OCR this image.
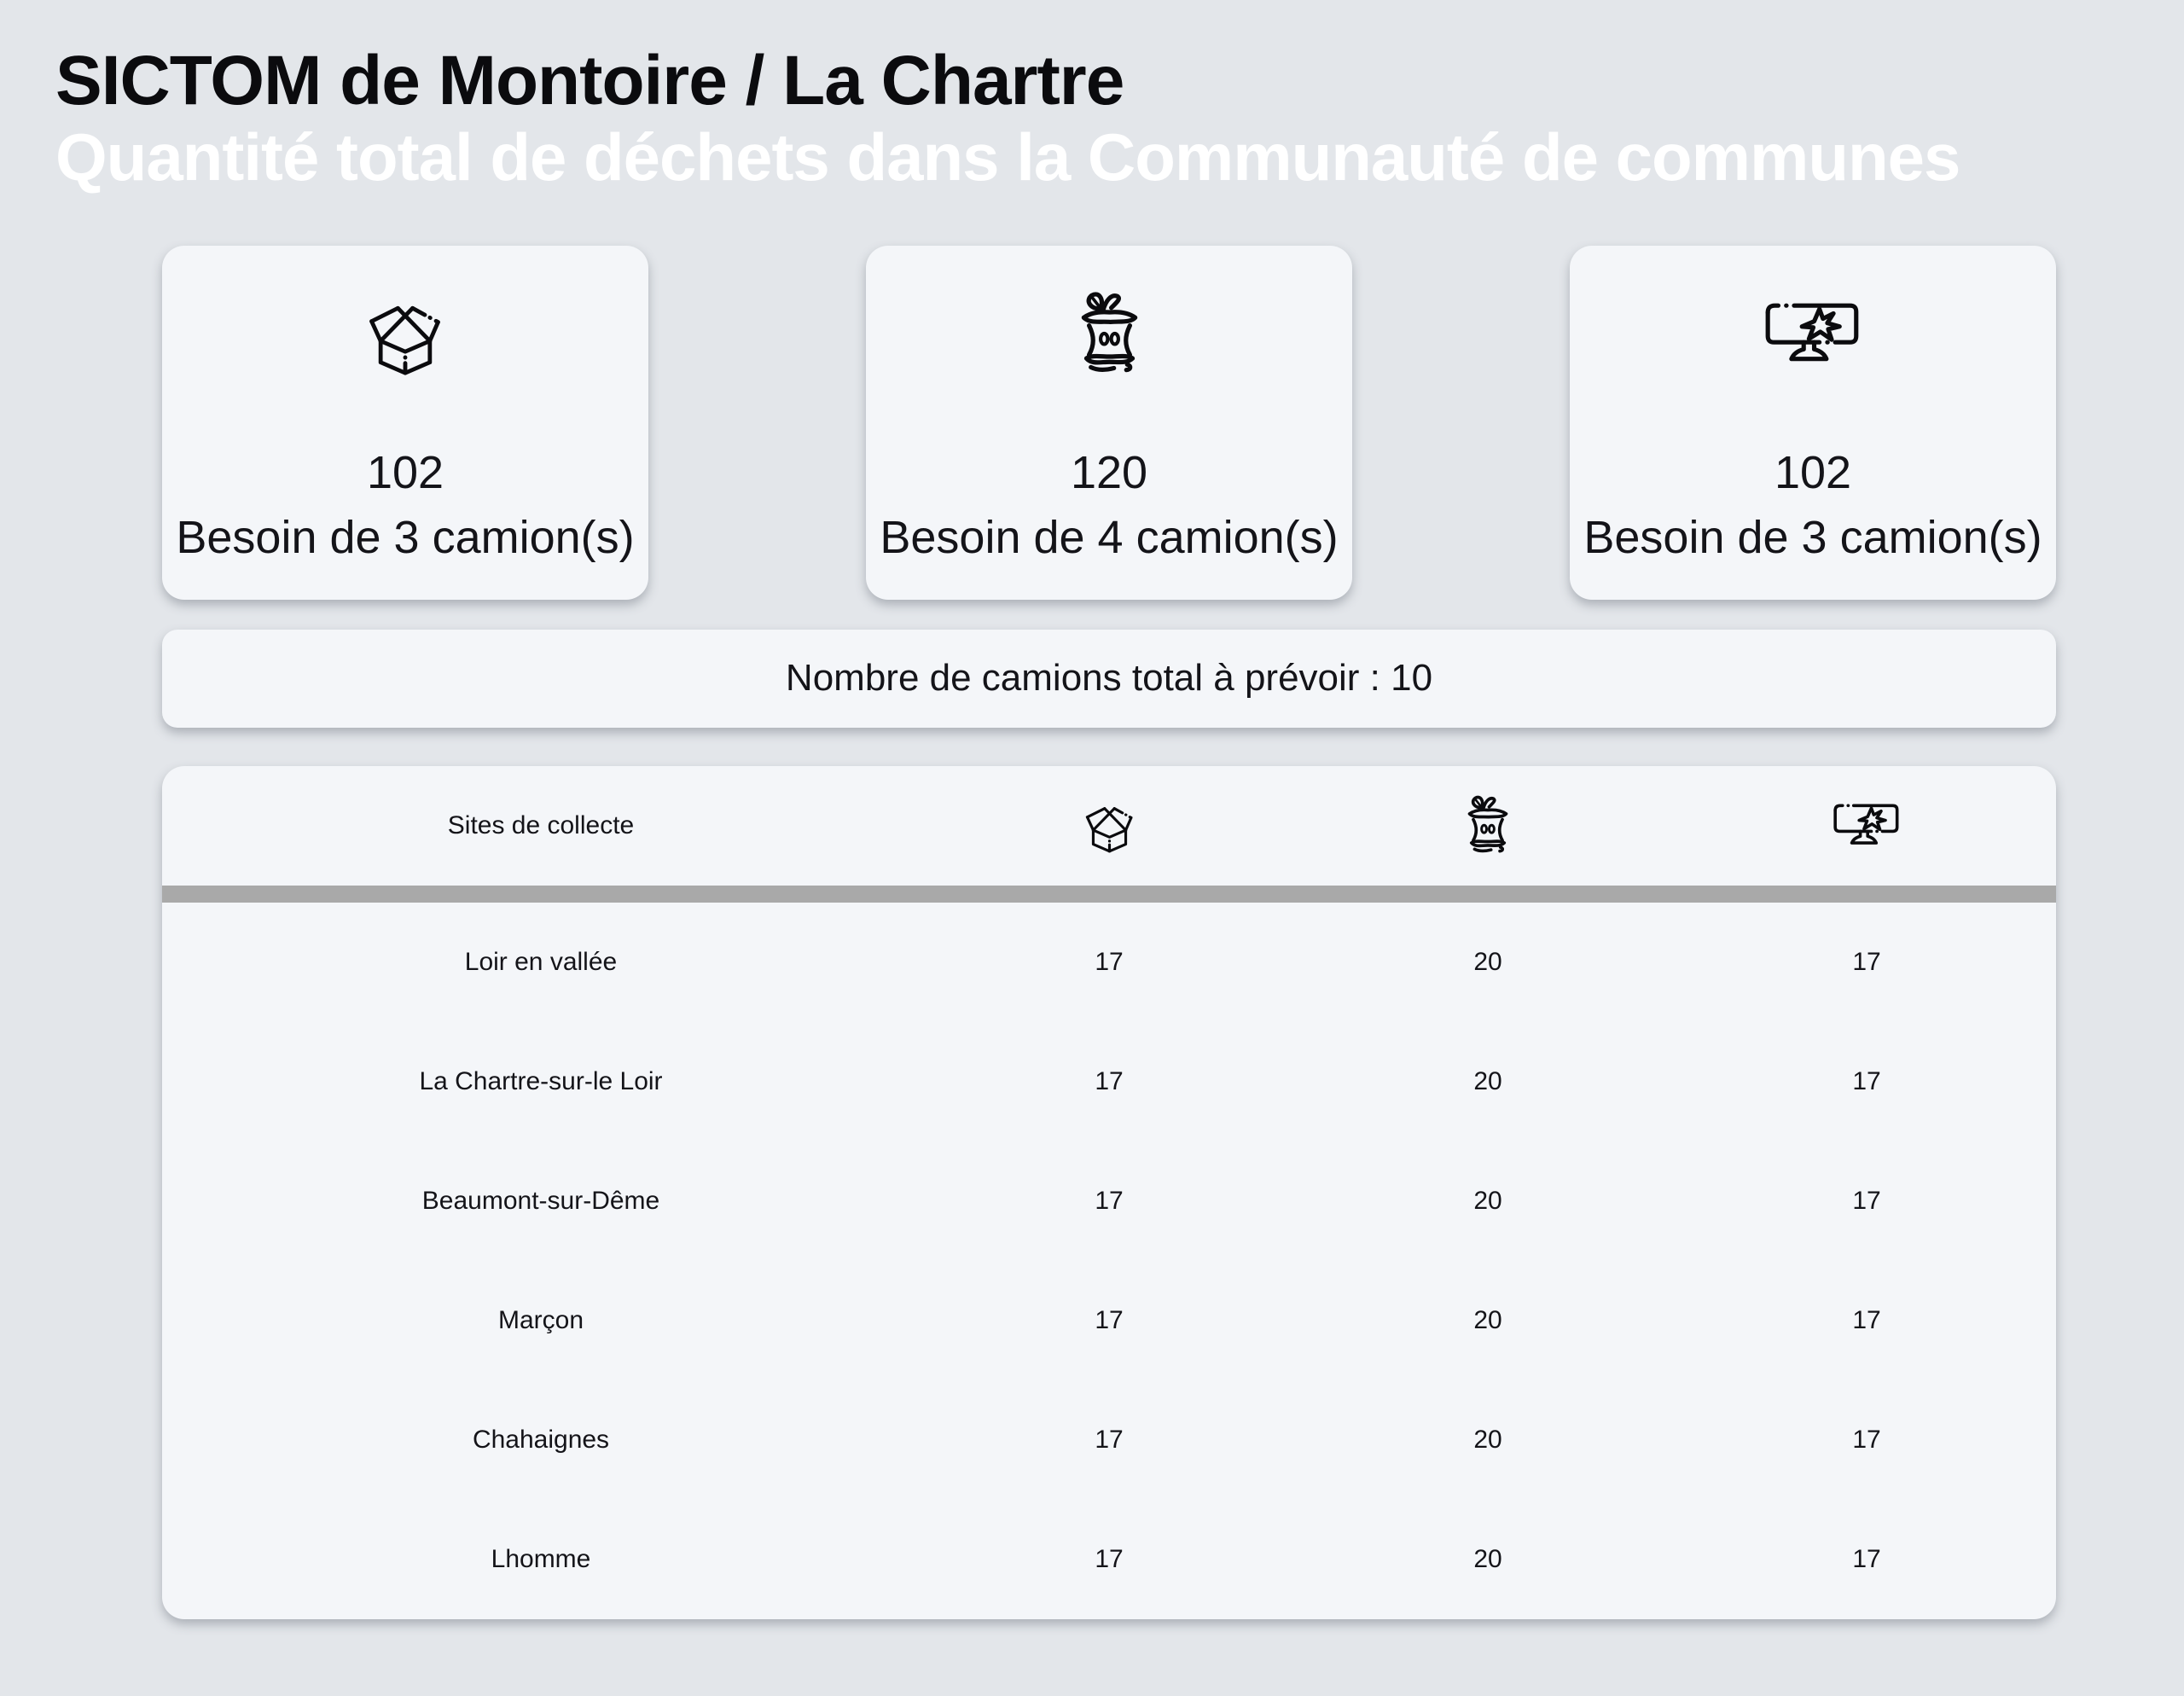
SICTOM de Montoire / La Chartre
Quantité total de déchets dans la Communauté de communes
102
Besoin de 3 camion(s)
120
Besoin de 4 camion(s)
102
Besoin de 3 camion(s)
Nombre de camions total à prévoir : 10
Sites de collecte
Loir en vallée	17	20	17
La Chartre-sur-le Loir	17	20	17
Beaumont-sur-Dême	17	20	17
Marçon	17	20	17
Chahaignes	17	20	17
Lhomme	17	20	17
